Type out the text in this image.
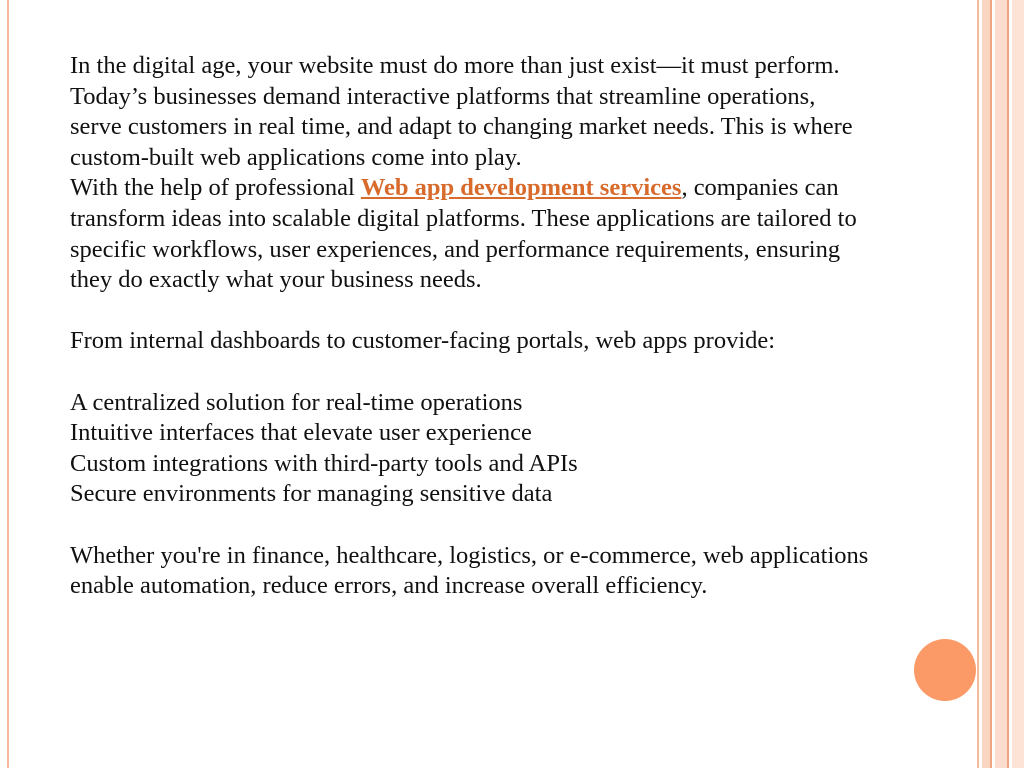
In the digital age, your website must do more than just exist—it must perform. Today’s businesses demand interactive platforms that streamline operations, serve customers in real time, and adapt to changing market needs. This is where custom-built web applications come into play.

With the help of professional Web app development services, companies can transform ideas into scalable digital platforms. These applications are tailored to specific workflows, user experiences, and performance requirements, ensuring they do exactly what your business needs.

From internal dashboards to customer-facing portals, web apps provide:

A centralized solution for real-time operations

Intuitive interfaces that elevate user experience

Custom integrations with third-party tools and APIs

Secure environments for managing sensitive data

Whether you're in finance, healthcare, logistics, or e-commerce, web applications enable automation, reduce errors, and increase overall efficiency.
